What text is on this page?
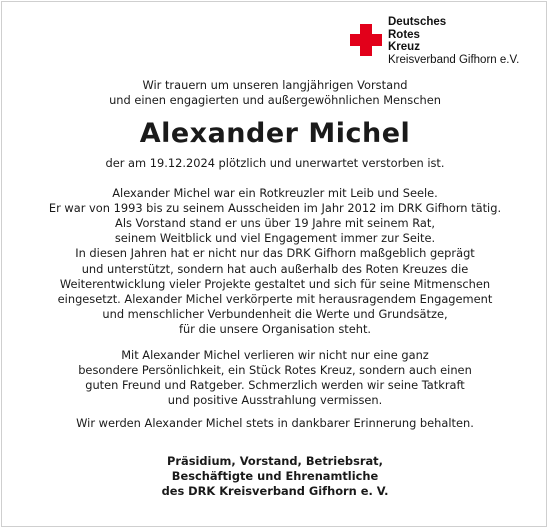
Deutsches
Rotes
Kreuz
Kreisverband Gifhorn e.V.

Wir trauern um unseren langjährigen Vorstand

und einen engagierten und außergewöhnlichen Menschen

Alexander Michel

der am 19.12.2024 plötzlich und unerwartet verstorben ist.

Alexander Michel war ein Rotkreuzler mit Leib und Seele.

Er war von 1993 bis zu seinem Ausscheiden im Jahr 2012 im DRK Gifhorn tätig.

Als Vorstand stand er uns über 19 Jahre mit seinem Rat,

seinem Weitblick und viel Engagement immer zur Seite.

In diesen Jahren hat er nicht nur das DRK Gifhorn maßgeblich geprägt

und unterstützt, sondern hat auch außerhalb des Roten Kreuzes die

Weiterentwicklung vieler Projekte gestaltet und sich für seine Mitmenschen

eingesetzt. Alexander Michel verkörperte mit herausragendem Engagement

und menschlicher Verbundenheit die Werte und Grundsätze,

für die unsere Organisation steht.

Mit Alexander Michel verlieren wir nicht nur eine ganz

besondere Persönlichkeit, ein Stück Rotes Kreuz, sondern auch einen

guten Freund und Ratgeber. Schmerzlich werden wir seine Tatkraft

und positive Ausstrahlung vermissen.

Wir werden Alexander Michel stets in dankbarer Erinnerung behalten.

Präsidium, Vorstand, Betriebsrat,

Beschäftigte und Ehrenamtliche

des DRK Kreisverband Gifhorn e. V.
